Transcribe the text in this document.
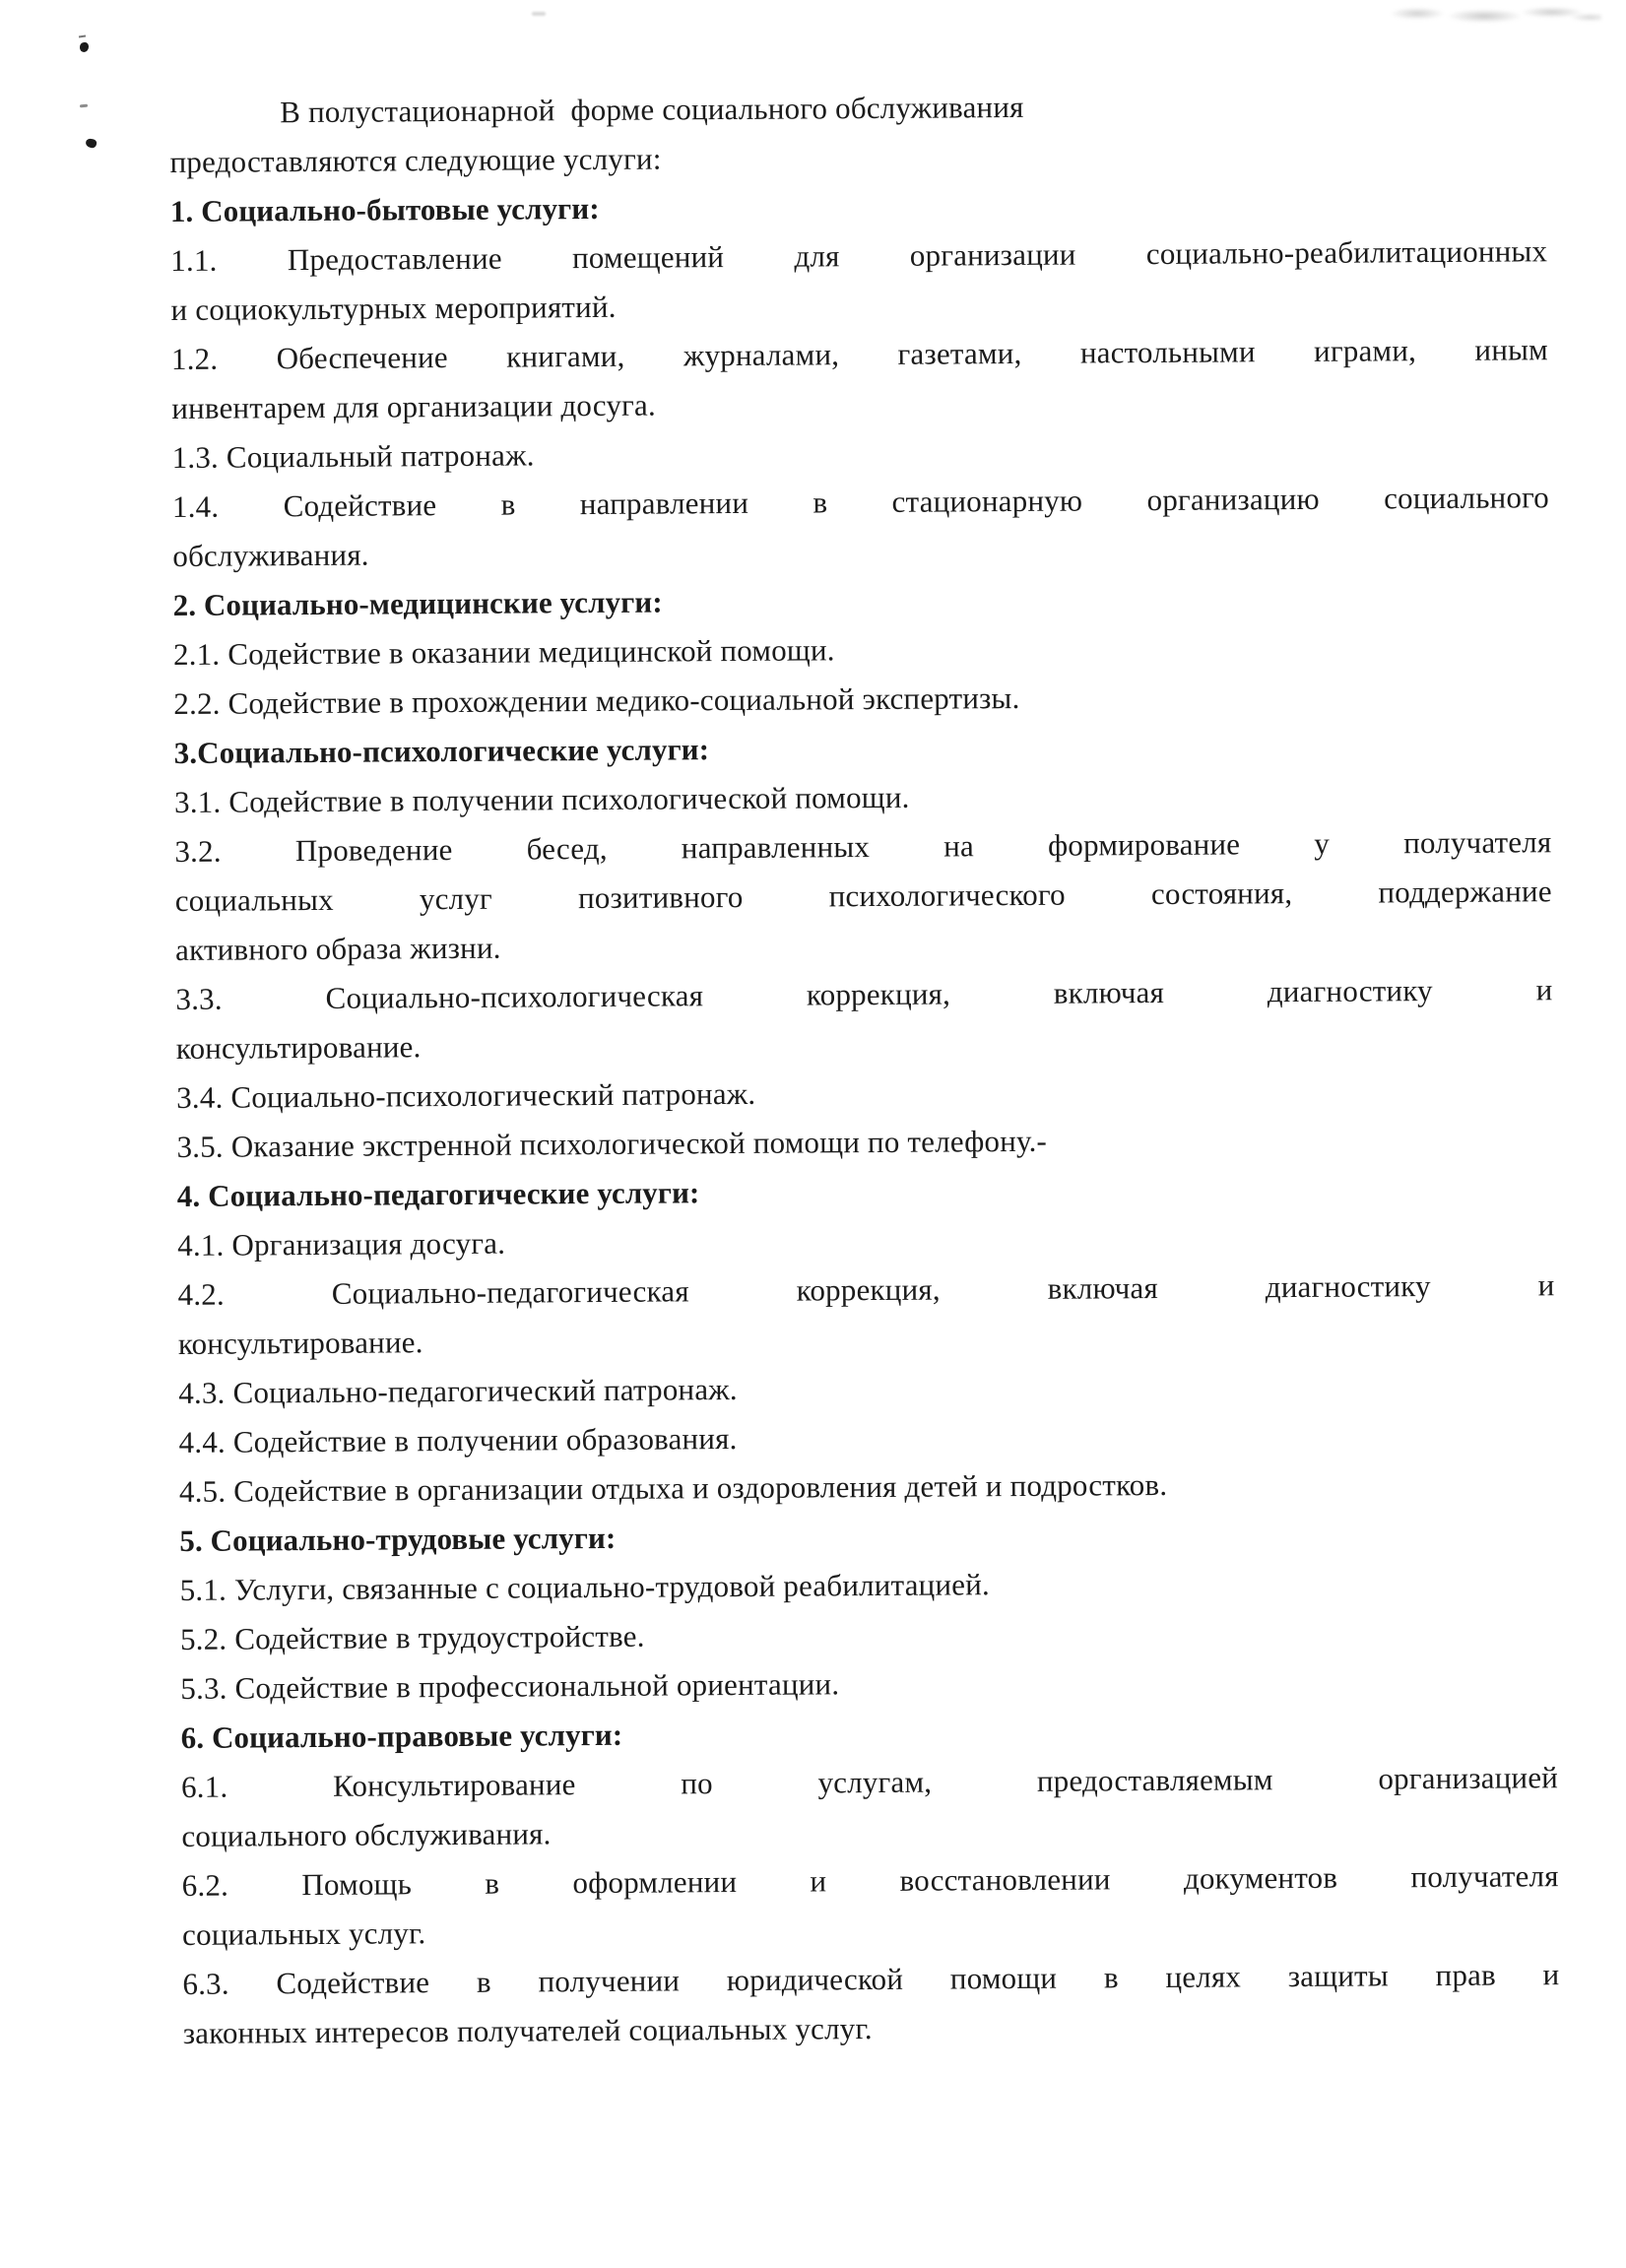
В полустационарной  форме социального обслуживания
предоставляются следующие услуги:
1. Социально-бытовые услуги:
1.1. Предоставление помещений для организации социально-реабилитационных
и социокультурных мероприятий.
1.2. Обеспечение книгами, журналами, газетами, настольными играми, иным
инвентарем для организации досуга.
1.3. Социальный патронаж.
1.4. Содействие в направлении в стационарную организацию социального
обслуживания.
2. Социально-медицинские услуги:
2.1. Содействие в оказании медицинской помощи.
2.2. Содействие в прохождении медико-социальной экспертизы.
3.Социально-психологические услуги:
3.1. Содействие в получении психологической помощи.
3.2. Проведение бесед, направленных на формирование у получателя
социальных услуг позитивного психологического состояния, поддержание
активного образа жизни.
3.3. Социально-психологическая коррекция, включая диагностику и
консультирование.
3.4. Социально-психологический патронаж.
3.5. Оказание экстренной психологической помощи по телефону.-
4. Социально-педагогические услуги:
4.1. Организация досуга.
4.2. Социально-педагогическая коррекция, включая диагностику и
консультирование.
4.3. Социально-педагогический патронаж.
4.4. Содействие в получении образования.
4.5. Содействие в организации отдыха и оздоровления детей и подростков.
5. Социально-трудовые услуги:
5.1. Услуги, связанные с социально-трудовой реабилитацией.
5.2. Содействие в трудоустройстве.
5.3. Содействие в профессиональной ориентации.
6. Социально-правовые услуги:
6.1. Консультирование по услугам, предоставляемым организацией
социального обслуживания.
6.2. Помощь в оформлении и восстановлении документов получателя
социальных услуг.
6.3. Содействие в получении юридической помощи в целях защиты прав и
законных интересов получателей социальных услуг.
